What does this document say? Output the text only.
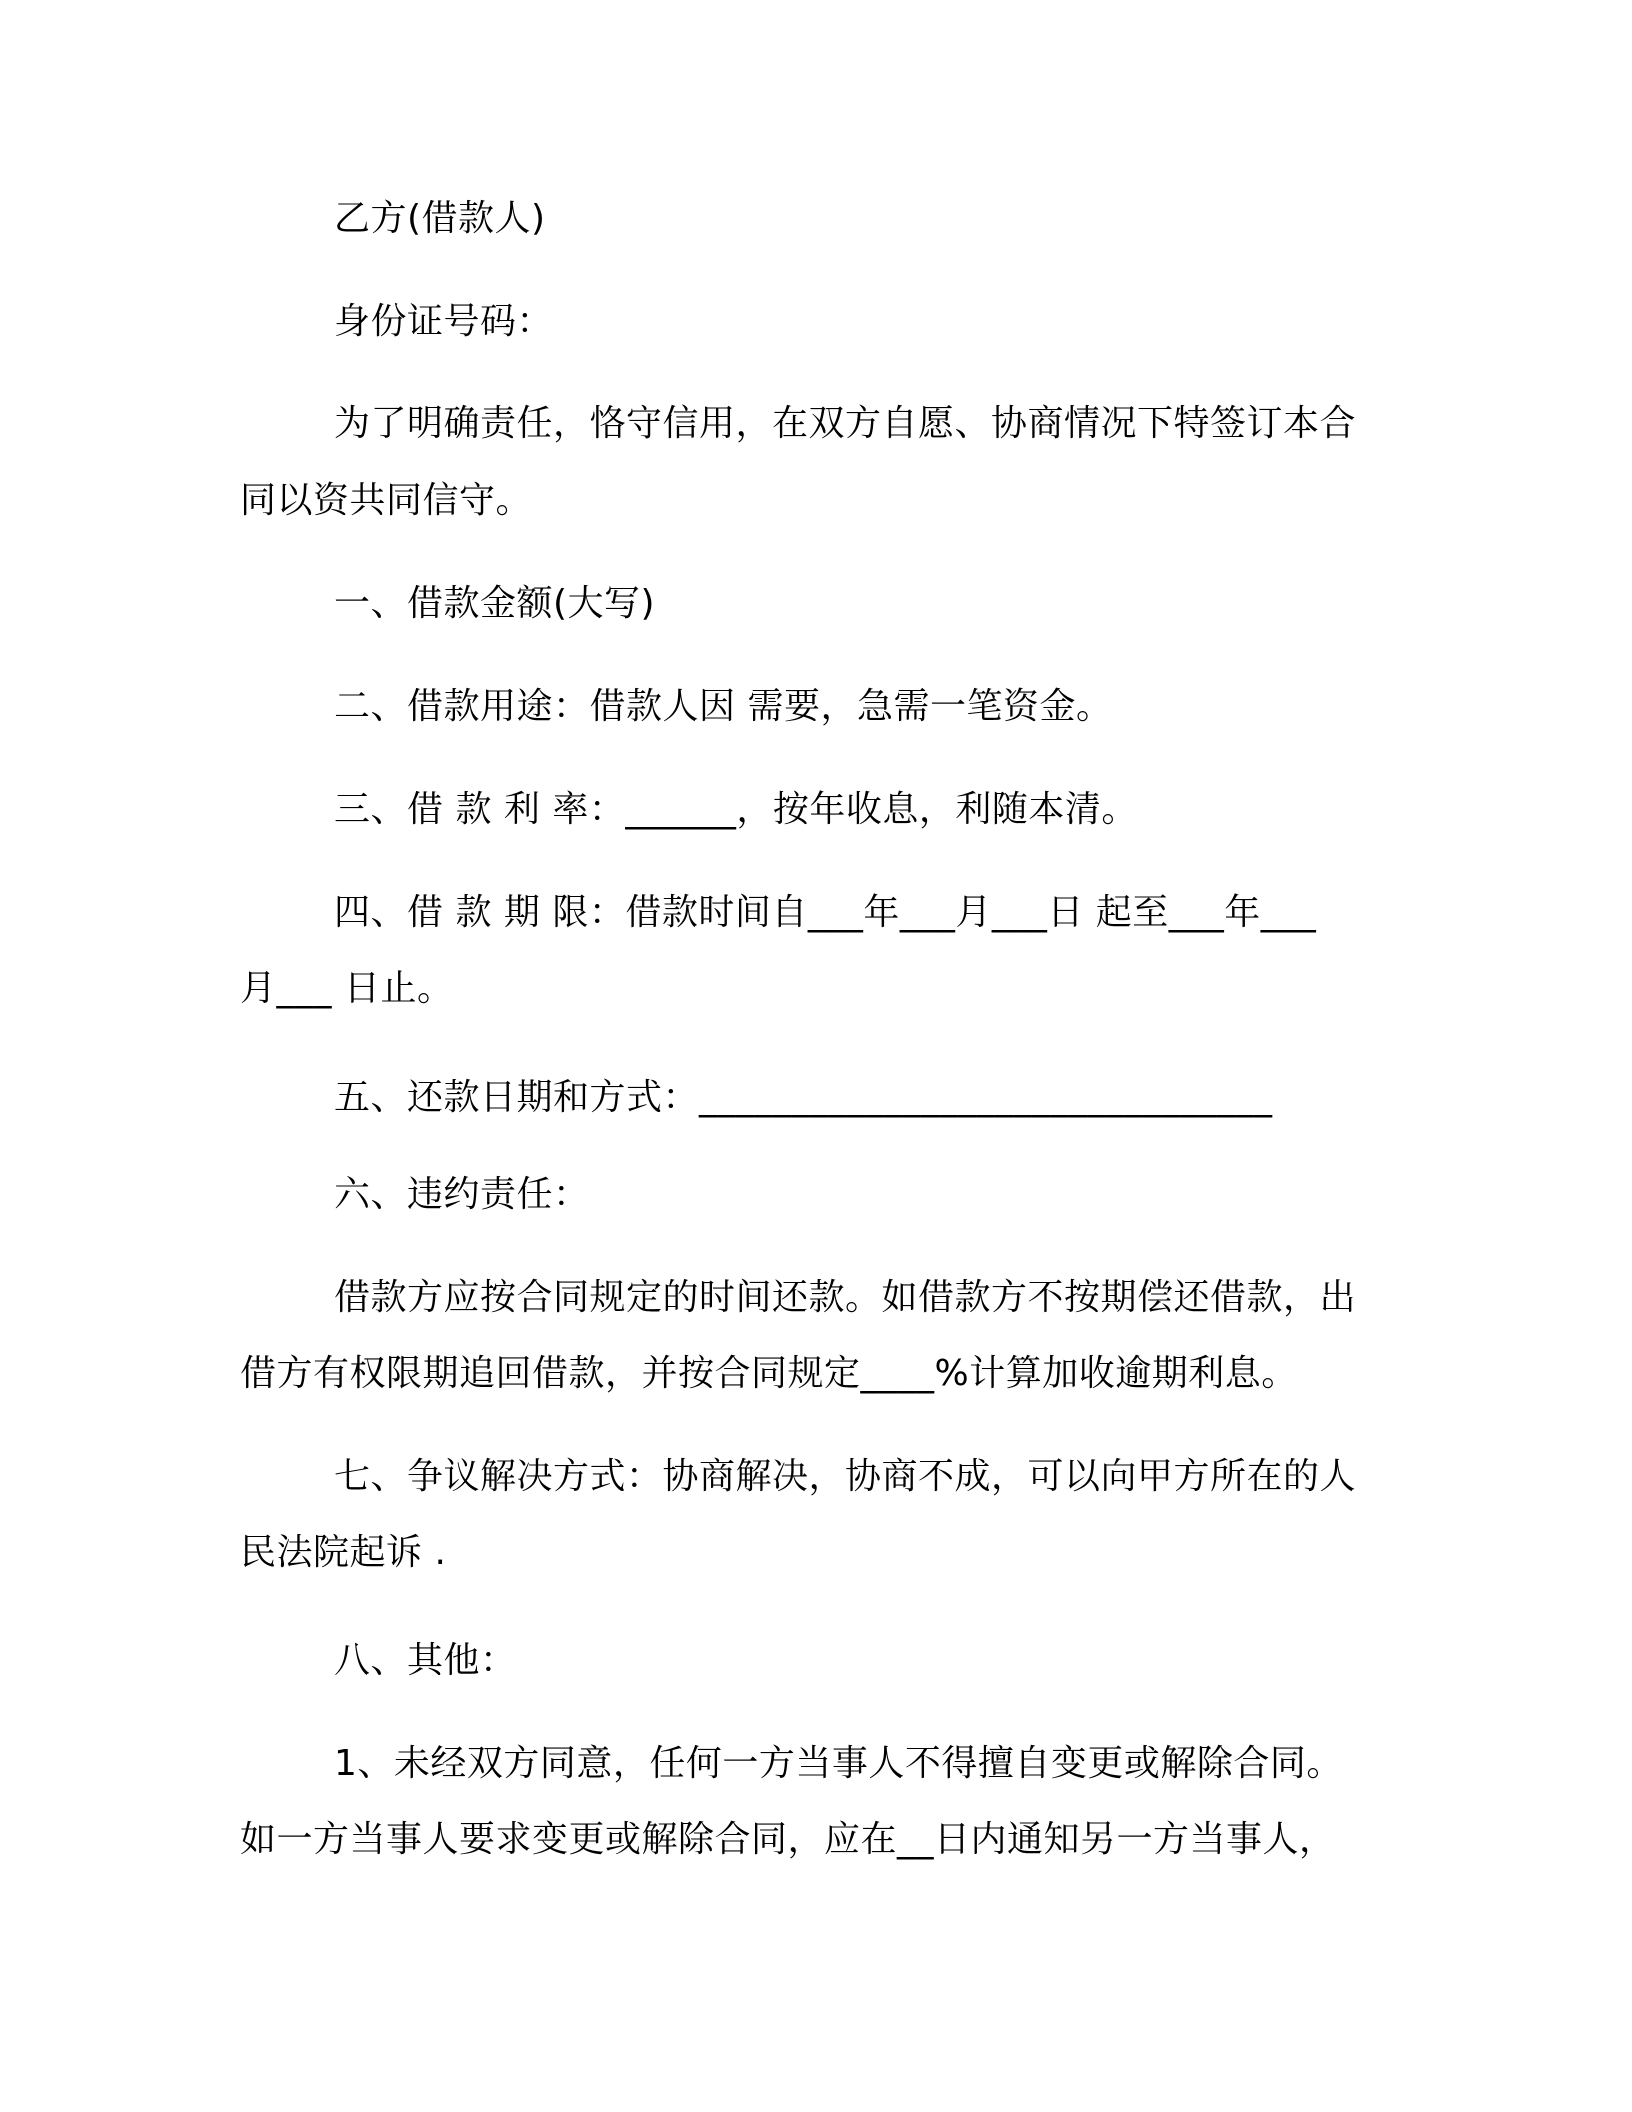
乙方(借款人)
身份证号码：
为了明确责任，恪守信用，在双方自愿、协商情况下特签订本合
同以资共同信守。
一、借款金额(大写)
二、借款用途：借款人因 需要，急需一笔资金。
三、借 款 利 率：______，按年收息，利随本清。
四、借 款 期 限：借款时间自___年___月___日 起至___年___
月___ 日止。
五、还款日期和方式：_______________________________
六、违约责任：
借款方应按合同规定的时间还款。如借款方不按期偿还借款，出
借方有权限期追回借款，并按合同规定____%计算加收逾期利息。
七、争议解决方式：协商解决，协商不成，可以向甲方所在的人
民法院起诉 .
八、其他：
1、未经双方同意，任何一方当事人不得擅自变更或解除合同。
如一方当事人要求变更或解除合同，应在__日内通知另一方当事人，
